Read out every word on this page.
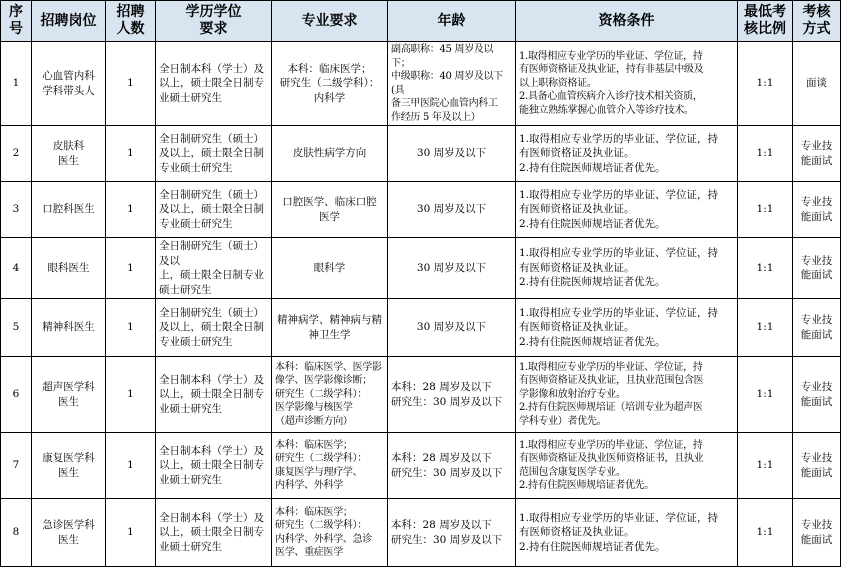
序号	招聘岗位	招聘
人数	学历学位
要求	专业要求	年龄	资格条件	最低考
核比例	考核
方式
1	心血管内科
学科带头人	1	全日制本科（学士）及
以上，硕士限全日制专
业硕士研究生	本科：临床医学；
研究生（二级学科）：
内科学	副高职称：45 周岁及以下；
中级职称：40 周岁及以下(具
备三甲医院心血管内科工
作经历 5 年及以上）	1.取得相应专业学历的毕业证、学位证，持
有医师资格证及执业证，持有非基层中级及
以上职称资格证。
2.具备心血管疾病介入诊疗技术相关资质，
能独立熟练掌握心血管介入等诊疗技术。	1:1	面谈
2	皮肤科
医生	1	全日制研究生（硕士）
及以上，硕士限全日制
专业硕士研究生	皮肤性病学方向	30 周岁及以下	1.取得相应专业学历的毕业证、学位证，持
有医师资格证及执业证。
2.持有住院医师规培证者优先。	1:1	专业技
能面试
3	口腔科医生	1	全日制研究生（硕士）
及以上，硕士限全日制
专业硕士研究生	口腔医学、临床口腔
医学	30 周岁及以下	1.取得相应专业学历的毕业证、学位证，持
有医师资格证及执业证。
2.持有住院医师规培证者优先。	1:1	专业技
能面试
4	眼科医生	1	全日制研究生（硕士）及以
上，硕士限全日制专业
硕士研究生	眼科学	30 周岁及以下	1.取得相应专业学历的毕业证、学位证，持
有医师资格证及执业证。
2.持有住院医师规培证者优先。	1:1	专业技
能面试
5	精神科医生	1	全日制研究生（硕士）
及以上，硕士限全日制
专业硕士研究生	精神病学、精神病与精
神卫生学	30 周岁及以下	1.取得相应专业学历的毕业证、学位证，持
有医师资格证及执业证。
2.持有住院医师规培证者优先。	1:1	专业技
能面试
6	超声医学科
医生	1	全日制本科（学士）及
以上，硕士限全日制专
业硕士研究生	本科：临床医学、医学影
像学、医学影像诊断；
研究生（二级学科）：
医学影像与核医学
（超声诊断方向）	本科：28 周岁及以下
研究生：30 周岁及以下	1.取得相应专业学历的毕业证、学位证，持
有医师资格证及执业证，且执业范围包含医
学影像和放射治疗专业。
2.持有住院医师规培证（培训专业为超声医
学科专业）者优先。	1:1	专业技
能面试
7	康复医学科
医生	1	全日制本科（学士）及
以上，硕士限全日制专
业硕士研究生	本科：临床医学；
研究生（二级学科）：
康复医学与理疗学、
内科学、外科学	本科：28 周岁及以下
研究生：30 周岁及以下	1.取得相应专业学历的毕业证、学位证，持
有医师资格证及执业医师资格证书，且执业
范围包含康复医学专业。
2.持有住院医师规培证者优先。	1:1	专业技
能面试
8	急诊医学科
医生	1	全日制本科（学士）及
以上，硕士限全日制专
业硕士研究生	本科：临床医学；
研究生（二级学科）：
内科学、外科学、急诊
医学、重症医学	本科：28 周岁及以下
研究生：30 周岁及以下	1.取得相应专业学历的毕业证、学位证，持
有医师资格证及执业证。
2.持有住院医师规培证者优先。	1:1	专业技
能面试
